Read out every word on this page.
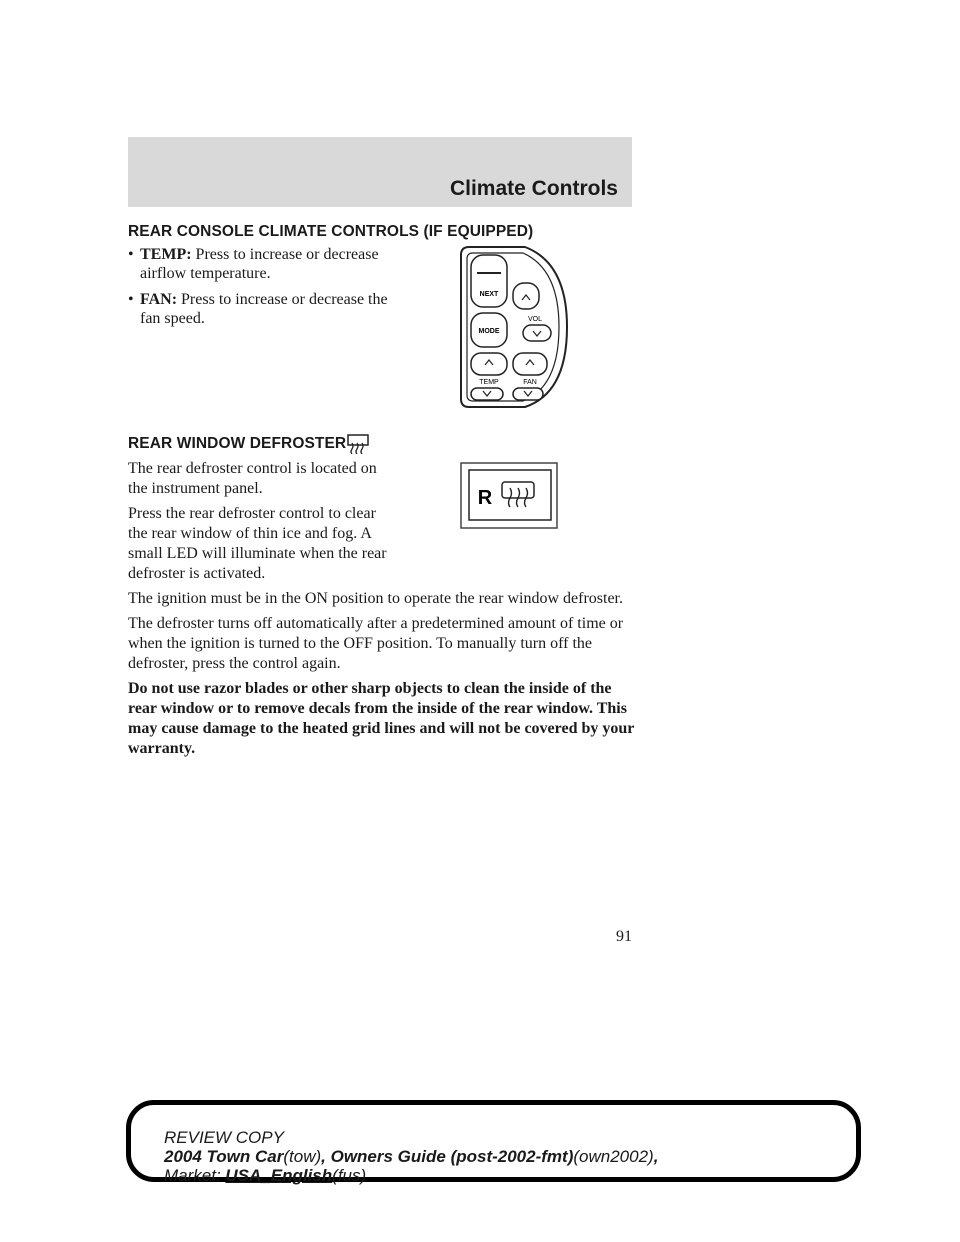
Climate Controls
REAR CONSOLE CLIMATE CONTROLS (IF EQUIPPED)
• TEMP: Press to increase or decrease airflow temperature.
• FAN: Press to increase or decrease the fan speed.
NEXT
MODE
VOL
TEMP	FAN
REAR WINDOW DEFROSTER
R

The rear defroster control is located on the instrument panel.

Press the rear defroster control to clear the rear window of thin ice and fog. A small LED will illuminate when the rear defroster is activated.

The ignition must be in the ON position to operate the rear window defroster.

The defroster turns off automatically after a predetermined amount of time or when the ignition is turned to the OFF position. To manually turn off the defroster, press the control again.

Do not use razor blades or other sharp objects to clean the inside of the rear window or to remove decals from the inside of the rear window. This may cause damage to the heated grid lines and will not be covered by your warranty.

91
REVIEW COPY
2004 Town Car(tow), Owners Guide (post-2002-fmt)(own2002),
Market: USA_English(fus)
